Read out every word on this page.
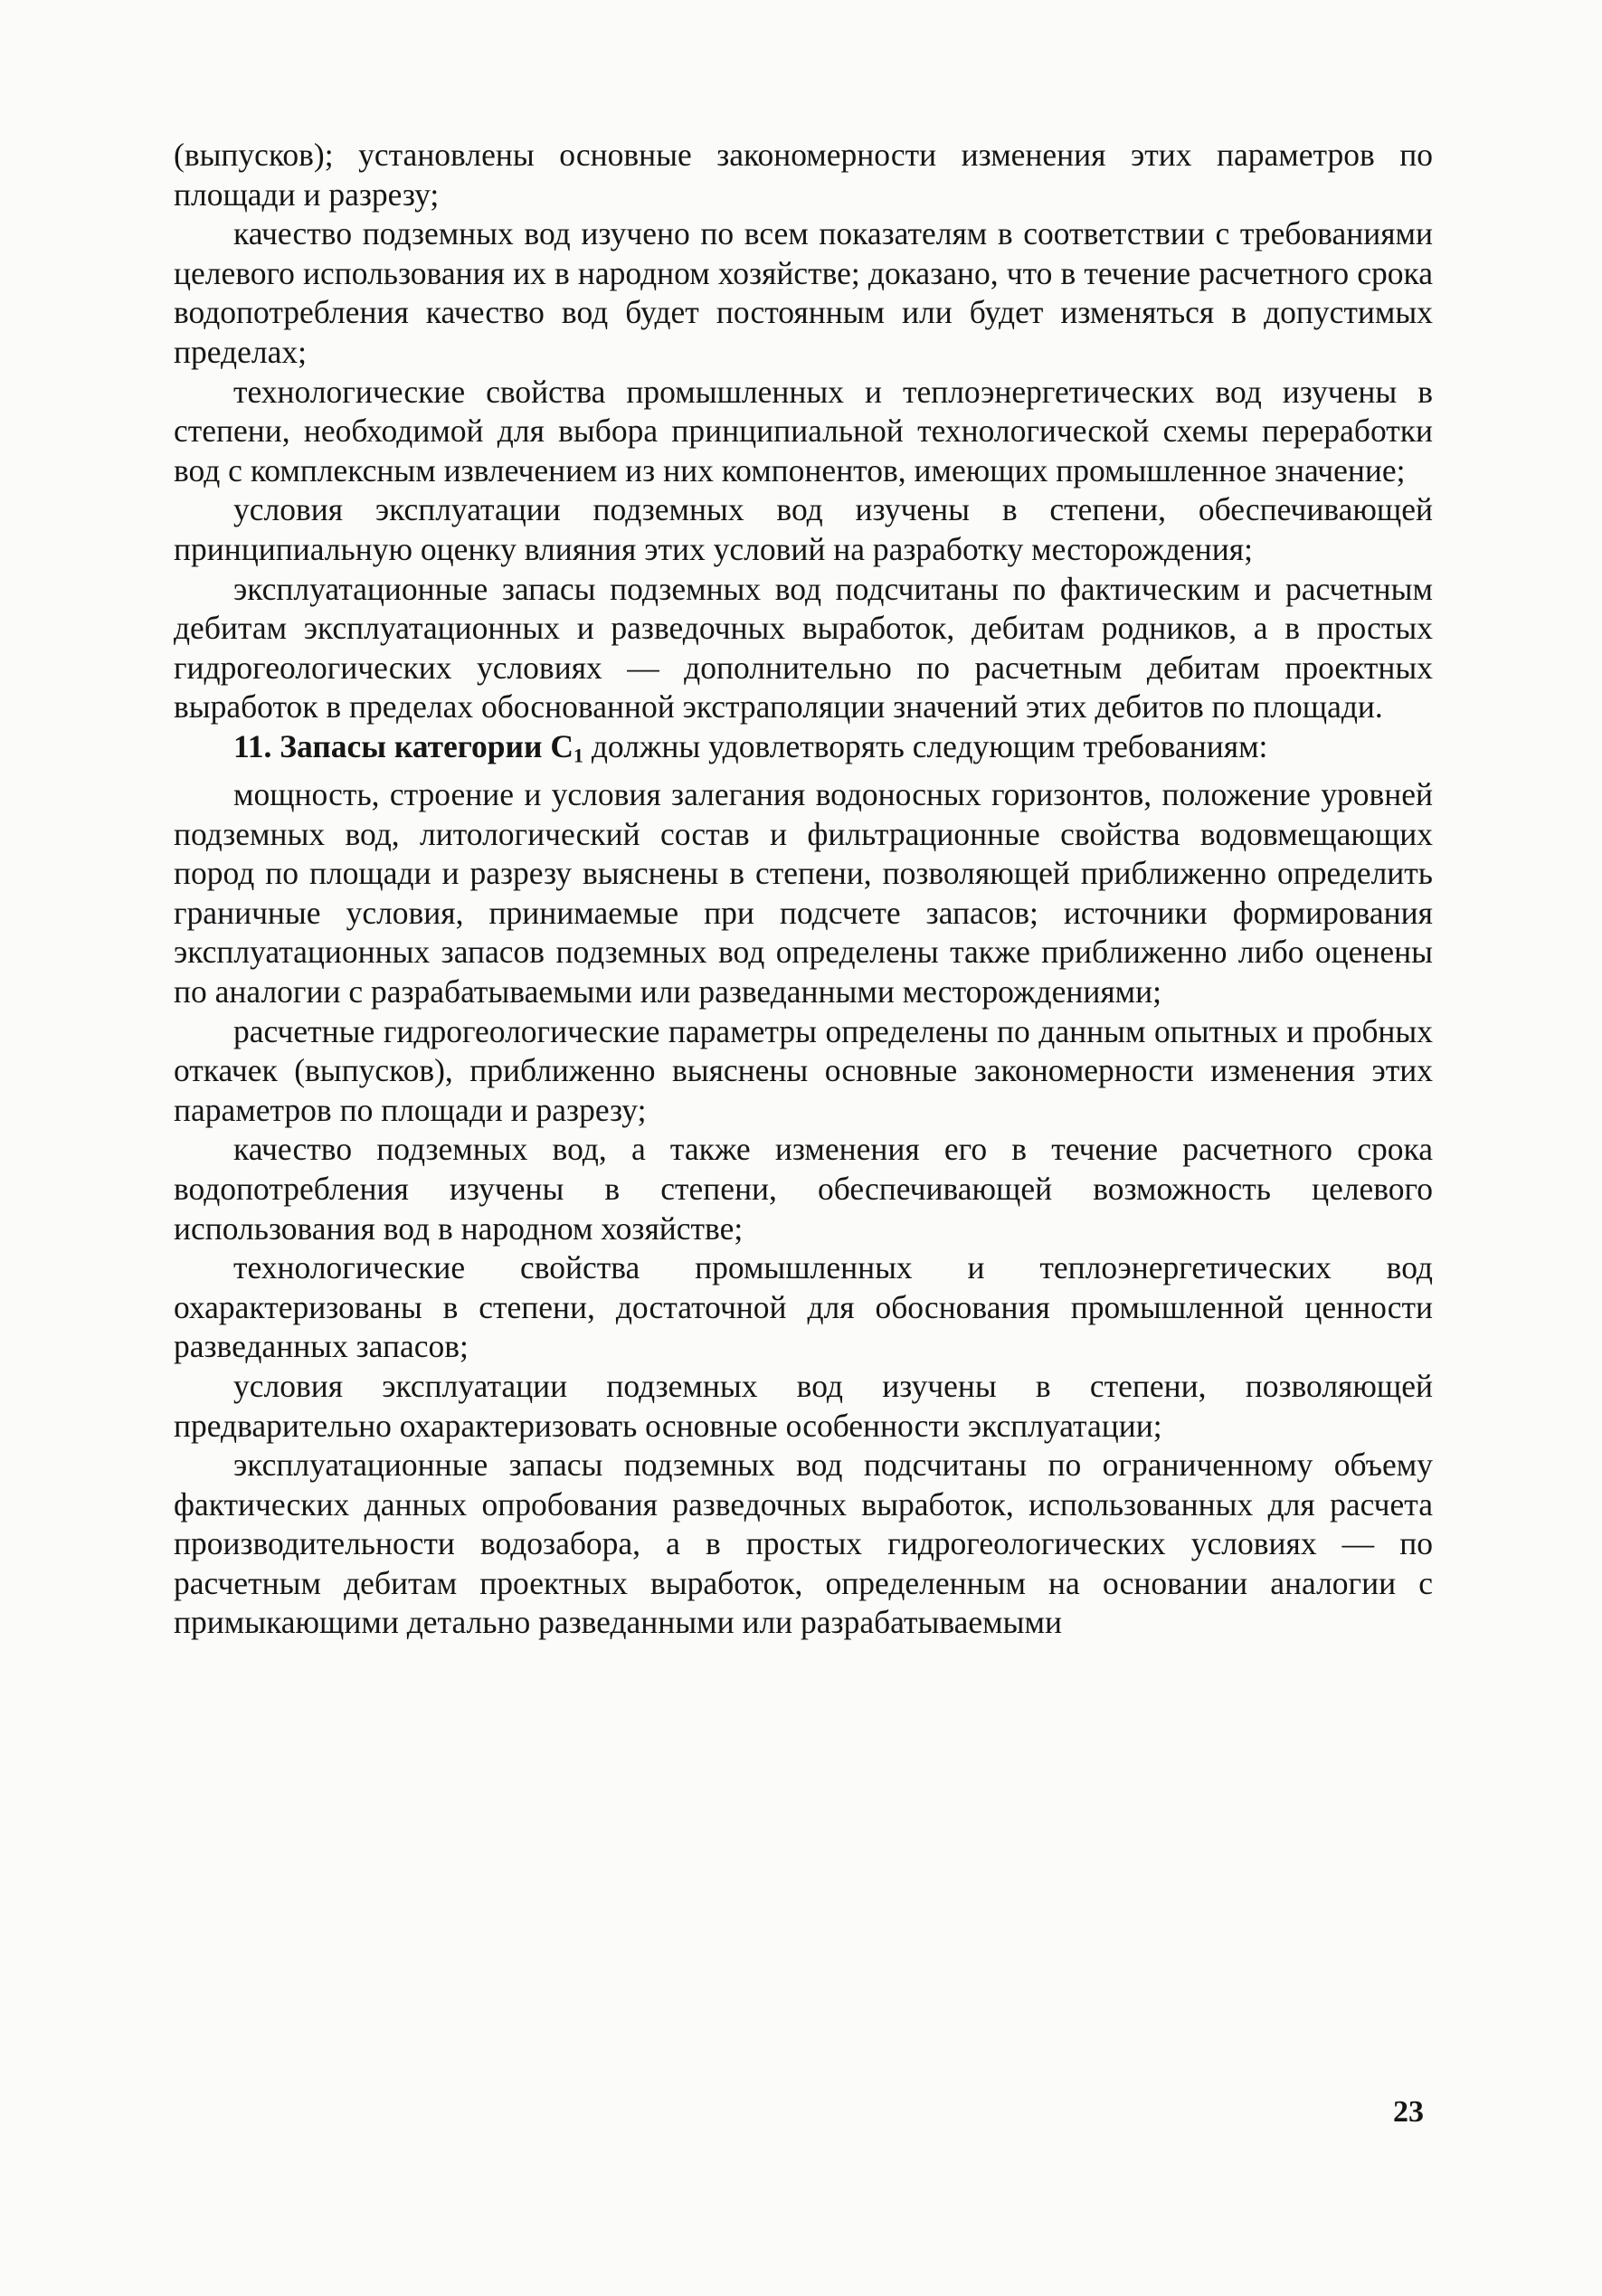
(выпусков); установлены основные закономерности изменения этих параметров по площади и разрезу;

качество подземных вод изучено по всем показателям в соответствии с требованиями целевого использования их в народном хозяйстве; доказано, что в течение расчетного срока водопотребления качество вод будет постоянным или будет изменяться в допустимых пределах;

технологические свойства промышленных и теплоэнергетических вод изучены в степени, необходимой для выбора принципиальной технологической схемы переработки вод с комплексным извлечением из них компонентов, имеющих промышленное значение;

условия эксплуатации подземных вод изучены в степени, обеспечивающей принципиальную оценку влияния этих условий на разработку месторождения;

эксплуатационные запасы подземных вод подсчитаны по фактическим и расчетным дебитам эксплуатационных и разведочных выработок, дебитам родников, а в простых гидрогеологических условиях — дополнительно по расчетным дебитам проектных выработок в пределах обоснованной экстраполяции значений этих дебитов по площади.

11. Запасы категории $С_1$ должны удовлетворять следующим требованиям:

мощность, строение и условия залегания водоносных горизонтов, положение уровней подземных вод, литологический состав и фильтрационные свойства водовмещающих пород по площади и разрезу выяснены в степени, позволяющей приближенно определить граничные условия, принимаемые при подсчете запасов; источники формирования эксплуатационных запасов подземных вод определены также приближенно либо оценены по аналогии с разрабатываемыми или разведанными месторождениями;

расчетные гидрогеологические параметры определены по данным опытных и пробных откачек (выпусков), приближенно выяснены основные закономерности изменения этих параметров по площади и разрезу;

качество подземных вод, а также изменения его в течение расчетного срока водопотребления изучены в степени, обеспечивающей возможность целевого использования вод в народном хозяйстве;

технологические свойства промышленных и теплоэнергетических вод охарактеризованы в степени, достаточной для обоснования промышленной ценности разведанных запасов;

условия эксплуатации подземных вод изучены в степени, позволяющей предварительно охарактеризовать основные особенности эксплуатации;

эксплуатационные запасы подземных вод подсчитаны по ограниченному объему фактических данных опробования разведочных выработок, использованных для расчета производительности водозабора, а в простых гидрогеологических условиях — по расчетным дебитам проектных выработок, определенным на основании аналогии с примыкающими детально разведанными или разрабатываемыми

23
